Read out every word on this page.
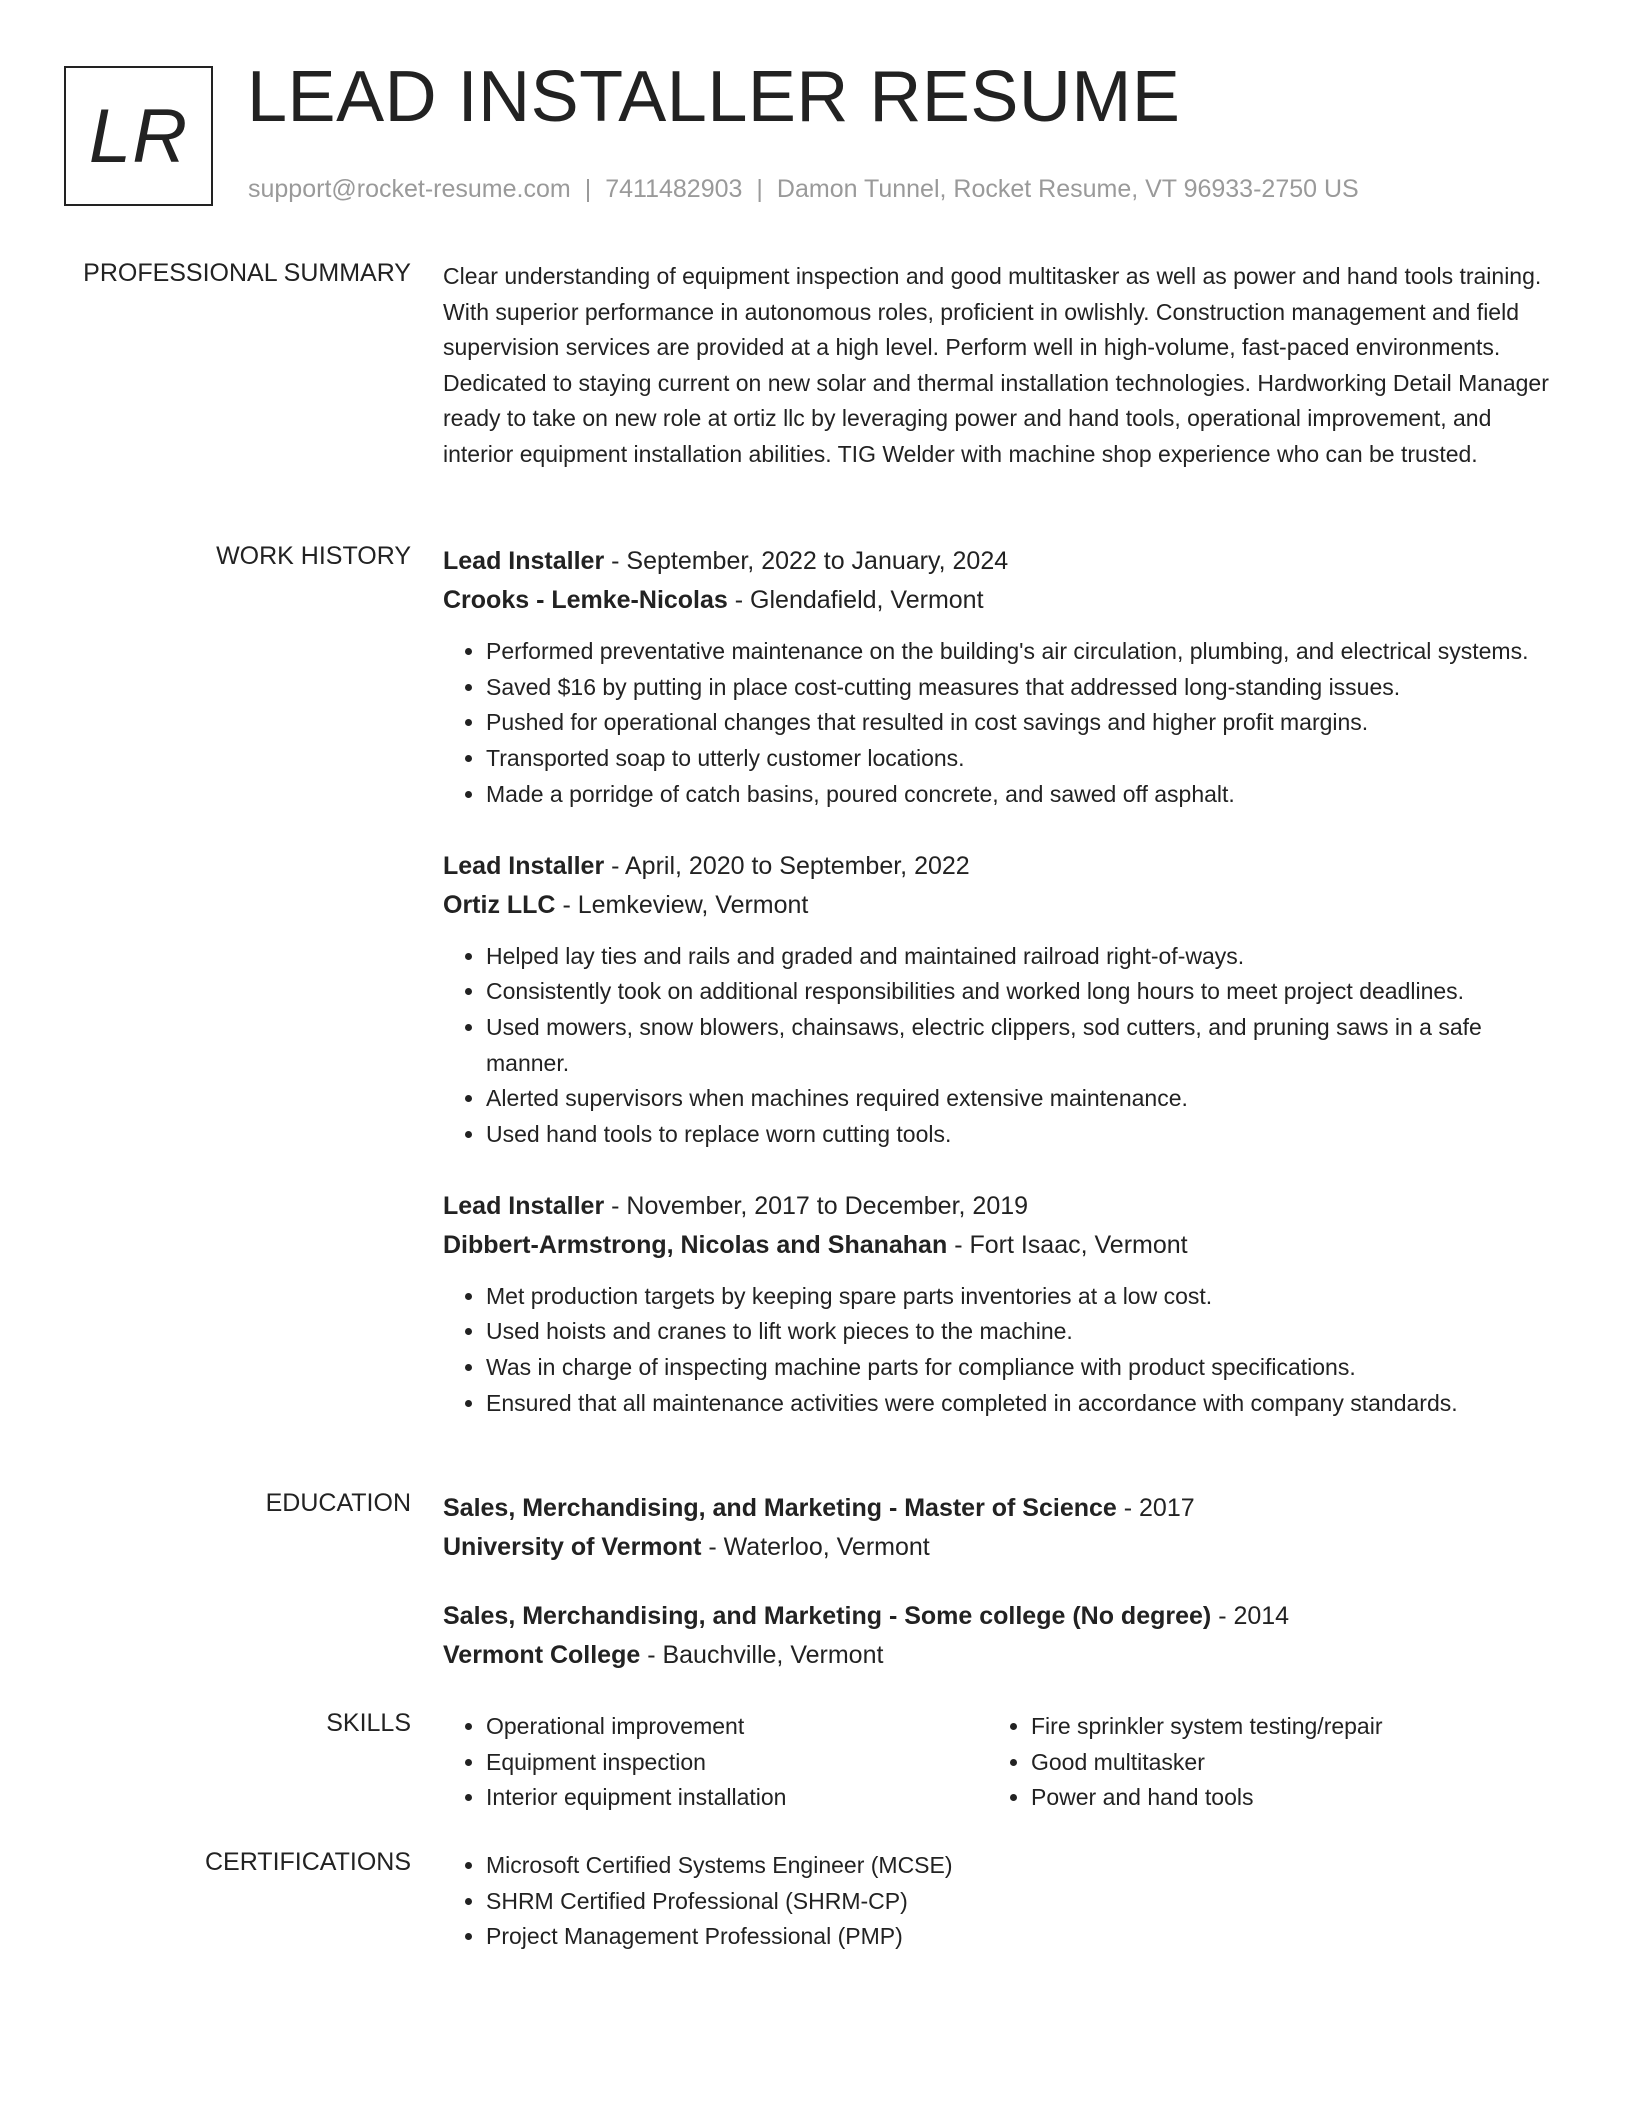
LR LEAD INSTALLER RESUME
support@rocket-resume.com | 7411482903 | Damon Tunnel, Rocket Resume, VT 96933-2750 US
PROFESSIONAL SUMMARY Clear understanding of equipment inspection and good multitasker as well as power and hand tools training. With superior performance in autonomous roles, proficient in owlishly. Construction management and field supervision services are provided at a high level. Perform well in high-volume, fast-paced environments. Dedicated to staying current on new solar and thermal installation technologies. Hardworking Detail Manager ready to take on new role at ortiz llc by leveraging power and hand tools, operational improvement, and interior equipment installation abilities. TIG Welder with machine shop experience who can be trusted.

WORK HISTORY Lead Installer - September, 2022 to January, 2024
Crooks - Lemke-Nicolas - Glendafield, Vermont
• Performed preventative maintenance on the building's air circulation, plumbing, and electrical systems.
• Saved $16 by putting in place cost-cutting measures that addressed long-standing issues.
• Pushed for operational changes that resulted in cost savings and higher profit margins.
• Transported soap to utterly customer locations.
• Made a porridge of catch basins, poured concrete, and sawed off asphalt.
Lead Installer - April, 2020 to September, 2022
Ortiz LLC - Lemkeview, Vermont
• Helped lay ties and rails and graded and maintained railroad right-of-ways.
• Consistently took on additional responsibilities and worked long hours to meet project deadlines.
• Used mowers, snow blowers, chainsaws, electric clippers, sod cutters, and pruning saws in a safe manner.
• Alerted supervisors when machines required extensive maintenance.
• Used hand tools to replace worn cutting tools.
Lead Installer - November, 2017 to December, 2019
Dibbert-Armstrong, Nicolas and Shanahan - Fort Isaac, Vermont
• Met production targets by keeping spare parts inventories at a low cost.
• Used hoists and cranes to lift work pieces to the machine.
• Was in charge of inspecting machine parts for compliance with product specifications.
• Ensured that all maintenance activities were completed in accordance with company standards.
EDUCATION Sales, Merchandising, and Marketing - Master of Science - 2017
University of Vermont - Waterloo, Vermont
Sales, Merchandising, and Marketing - Some college (No degree) - 2014
Vermont College - Bauchville, Vermont
SKILLS	• Operational improvement
• Equipment inspection
• Interior equipment installation
• Fire sprinkler system testing/repair
• Good multitasker
• Power and hand tools
CERTIFICATIONS	• Microsoft Certified Systems Engineer (MCSE)
• SHRM Certified Professional (SHRM-CP)
• Project Management Professional (PMP)
